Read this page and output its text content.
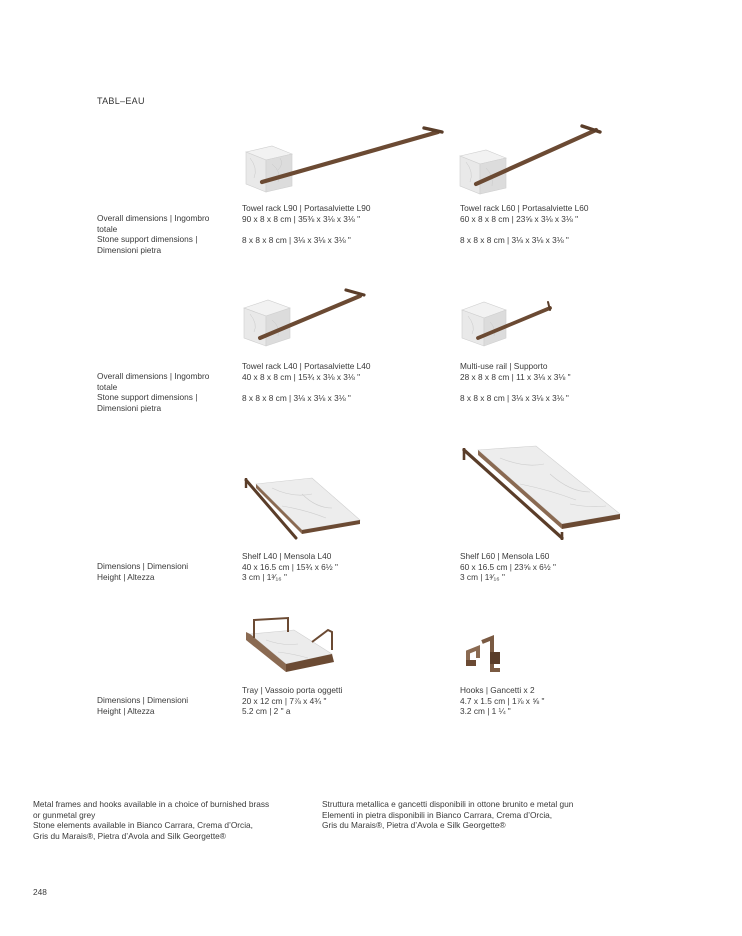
TABL–EAU
Overall dimensions | Ingombro totale
Stone support dimensions | Dimensioni pietra
Towel rack L90 | Portasalviette L90
90 x 8 x 8 cm | 35⅜ x 3⅛ x 3⅛ "
8 x 8 x 8 cm | 3⅛ x 3⅛ x 3⅛ "
Towel rack L60 | Portasalviette L60
60 x 8 x 8 cm | 23⅝ x 3⅛ x 3⅛ "
8 x 8 x 8 cm | 3⅛ x 3⅛ x 3⅛ "
Overall dimensions | Ingombro totale
Stone support dimensions | Dimensioni pietra
Towel rack L40 | Portasalviette L40
40 x 8 x 8 cm | 15¾ x 3⅛ x 3⅛ "
8 x 8 x 8 cm | 3⅛ x 3⅛ x 3⅛ "
Multi-use rail | Supporto
28 x 8 x 8 cm | 11 x 3⅛ x 3⅛ "
8 x 8 x 8 cm | 3⅛ x 3⅛ x 3⅛ "
Dimensions | Dimensioni
Height | Altezza
Shelf L40 | Mensola L40
40 x 16.5 cm | 15¾ x 6½ "
3 cm | 1³⁄₁₆ "
Shelf L60 | Mensola L60
60 x 16.5 cm | 23⅝ x 6½ "
3 cm | 1³⁄₁₆ "
Dimensions | Dimensioni
Height | Altezza
Tray | Vassoio porta oggetti
20 x 12 cm | 7⅞ x 4¾ "
5.2 cm | 2 " a
Hooks | Gancetti x 2
4.7 x 1.5 cm | 1⅞ x ⅝ "
3.2 cm | 1 ¼ "
Metal frames and hooks available in a choice of burnished brass
or gunmetal grey
Stone elements available in Bianco Carrara, Crema d’Orcia,
Gris du Marais®, Pietra d’Avola and Silk Georgette®
Struttura metallica e gancetti disponibili in ottone brunito e metal gun
Elementi in pietra disponibili in Bianco Carrara, Crema d’Orcia,
Gris du Marais®, Pietra d’Avola e Silk Georgette®
248
